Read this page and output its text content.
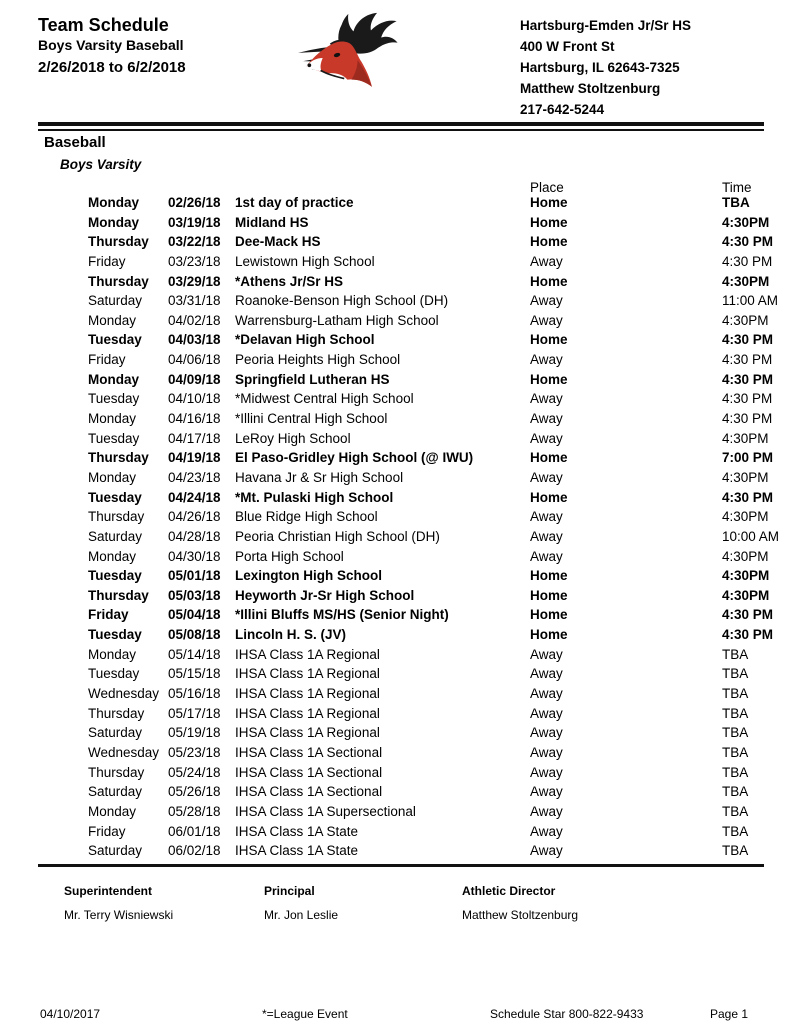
Team Schedule
Boys Varsity Baseball
2/26/2018 to 6/2/2018
Hartsburg-Emden Jr/Sr HS
400 W Front St
Hartsburg, IL 62643-7325
Matthew Stoltzenburg
217-642-5244
Baseball
Boys Varsity
Place	Time
Monday 02/26/18 1st day of practice	Home	TBA
Monday 03/19/18 Midland HS	Home	4:30PM
Thursday 03/22/18 Dee-Mack HS	Home	4:30 PM
Friday	03/23/18 Lewistown High School	Away	4:30 PM
Thursday 03/29/18 *Athens Jr/Sr HS	Home	4:30PM
Saturday 03/31/18 Roanoke-Benson High School (DH)	Away	11:00 AM
Monday 04/02/18 Warrensburg-Latham High School	Away	4:30PM
Tuesday 04/03/18 *Delavan High School	Home	4:30 PM
Friday	04/06/18 Peoria Heights High School	Away	4:30 PM
Monday 04/09/18 Springfield Lutheran HS	Home	4:30 PM
Tuesday 04/10/18 *Midwest Central High School	Away	4:30 PM
Monday 04/16/18 *Illini Central High School	Away	4:30 PM
Tuesday 04/17/18 LeRoy High School	Away	4:30PM
Thursday 04/19/18 El Paso-Gridley High School (@ IWU)	Home	7:00 PM
Monday 04/23/18 Havana Jr & Sr High School	Away	4:30PM
Tuesday 04/24/18 *Mt. Pulaski High School	Home	4:30 PM
Thursday 04/26/18 Blue Ridge High School	Away	4:30PM
Saturday 04/28/18 Peoria Christian High School (DH)	Away	10:00 AM
Monday 04/30/18 Porta High School	Away	4:30PM
Tuesday 05/01/18 Lexington High School	Home	4:30PM
Thursday 05/03/18 Heyworth Jr-Sr High School	Home	4:30PM
Friday	05/04/18 *Illini Bluffs MS/HS (Senior Night)	Home	4:30 PM
Tuesday 05/08/18 Lincoln H. S. (JV)	Home	4:30 PM
Monday 05/14/18 IHSA Class 1A Regional	Away	TBA
Tuesday 05/15/18 IHSA Class 1A Regional	Away	TBA
Wednesday 05/16/18 IHSA Class 1A Regional	Away	TBA
Thursday 05/17/18 IHSA Class 1A Regional	Away	TBA
Saturday 05/19/18 IHSA Class 1A Regional	Away	TBA
Wednesday 05/23/18 IHSA Class 1A Sectional	Away	TBA
Thursday 05/24/18 IHSA Class 1A Sectional	Away	TBA
Saturday 05/26/18 IHSA Class 1A Sectional	Away	TBA
Monday 05/28/18 IHSA Class 1A Supersectional	Away	TBA
Friday	06/01/18 IHSA Class 1A State	Away	TBA
Saturday 06/02/18 IHSA Class 1A State	Away	TBA
Superintendent
Mr. Terry Wisniewski
Principal
Mr. Jon Leslie
Athletic Director
Matthew Stoltzenburg
04/10/2017	*=League Event	Schedule Star 800-822-9433	Page 1
